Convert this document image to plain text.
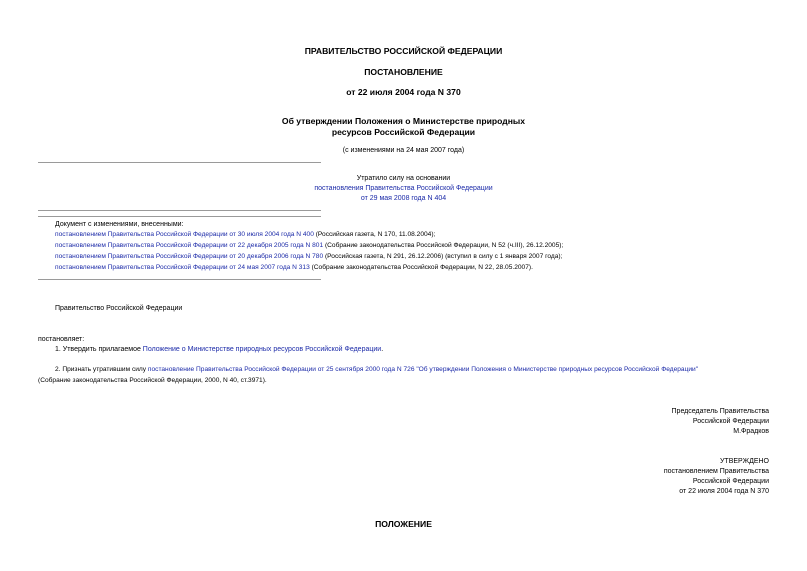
ПРАВИТЕЛЬСТВО РОССИЙСКОЙ ФЕДЕРАЦИИ
ПОСТАНОВЛЕНИЕ
от 22 июля 2004 года N 370
Об утверждении Положения о Министерстве природных
ресурсов Российской Федерации
(с изменениями на 24 мая 2007 года)
Утратило силу на основании
постановления Правительства Российской Федерации
от 29 мая 2008 года N 404
Документ с изменениями, внесенными:
постановлением Правительства Российской Федерации от 30 июля 2004 года N 400 (Российская газета, N 170, 11.08.2004);
постановлением Правительства Российской Федерации от 22 декабря 2005 года N 801 (Собрание законодательства Российской Федерации, N 52 (ч.III), 26.12.2005);
постановлением Правительства Российской Федерации от 20 декабря 2006 года N 780 (Российская газета, N 291, 26.12.2006) (вступил в силу с 1 января 2007 года);
постановлением Правительства Российской Федерации от 24 мая 2007 года N 313 (Собрание законодательства Российской Федерации, N 22, 28.05.2007).
Правительство Российской Федерации
постановляет:
1. Утвердить прилагаемое Положение о Министерстве природных ресурсов Российской Федерации.
2. Признать утратившим силу постановление Правительства Российской Федерации от 25 сентября 2000 года N 726 "Об утверждении Положения о Министерстве природных ресурсов Российской Федерации"
(Собрание законодательства Российской Федерации, 2000, N 40, ст.3971).
Председатель Правительства
Российской Федерации
М.Фрадков
УТВЕРЖДЕНО
постановлением Правительства
Российской Федерации
от 22 июля 2004 года N 370
ПОЛОЖЕНИЕ
